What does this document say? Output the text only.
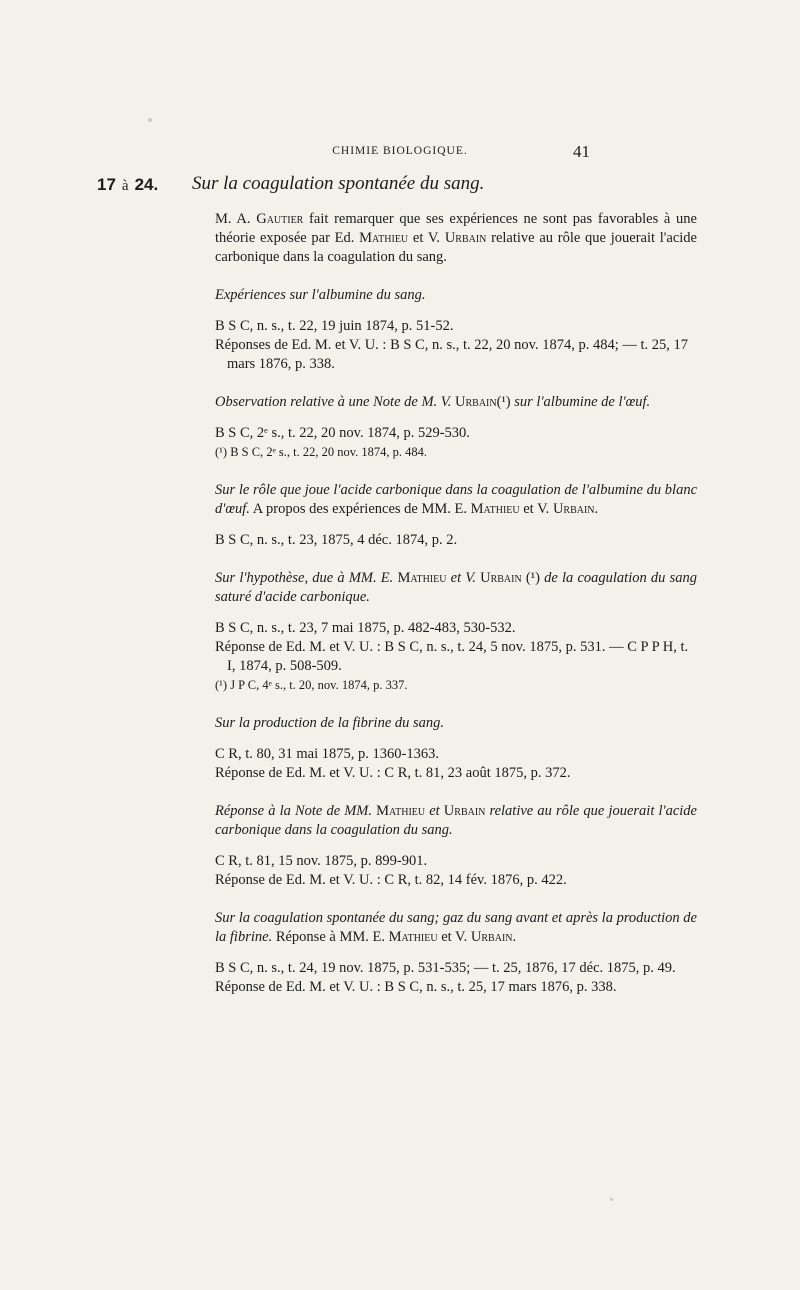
CHIMIE BIOLOGIQUE.	41
17 à 24. Sur la coagulation spontanée du sang.

M. A. Gautier fait remarquer que ses expériences ne sont pas favorables à une théorie exposée par Ed. Mathieu et V. Urbain relative au rôle que jouerait l'acide carbonique dans la coagulation du sang.

Expériences sur l'albumine du sang.

B S C, n. s., t. 22, 19 juin 1874, p. 51-52.

Réponses de Ed. M. et V. U. : B S C, n. s., t. 22, 20 nov. 1874, p. 484; — t. 25, 17 mars 1876, p. 338.

Observation relative à une Note de M. V. Urbain(¹) sur l'albumine de l'œuf.

B S C, 2ᵉ s., t. 22, 20 nov. 1874, p. 529-530.

(¹) B S C, 2ᵉ s., t. 22, 20 nov. 1874, p. 484.

Sur le rôle que joue l'acide carbonique dans la coagulation de l'albumine du blanc d'œuf. A propos des expériences de MM. E. Mathieu et V. Urbain.

B S C, n. s., t. 23, 1875, 4 déc. 1874, p. 2.

Sur l'hypothèse, due à MM. E. Mathieu et V. Urbain (¹) de la coagulation du sang saturé d'acide carbonique.

B S C, n. s., t. 23, 7 mai 1875, p. 482-483, 530-532.

Réponse de Ed. M. et V. U. : B S C, n. s., t. 24, 5 nov. 1875, p. 531. — C P P H, t. I, 1874, p. 508-509.

(¹) J P C, 4ᵉ s., t. 20, nov. 1874, p. 337.

Sur la production de la fibrine du sang.

C R, t. 80, 31 mai 1875, p. 1360-1363.

Réponse de Ed. M. et V. U. : C R, t. 81, 23 août 1875, p. 372.

Réponse à la Note de MM. Mathieu et Urbain relative au rôle que jouerait l'acide carbonique dans la coagulation du sang.

C R, t. 81, 15 nov. 1875, p. 899-901.

Réponse de Ed. M. et V. U. : C R, t. 82, 14 fév. 1876, p. 422.

Sur la coagulation spontanée du sang; gaz du sang avant et après la production de la fibrine. Réponse à MM. E. Mathieu et V. Urbain.

B S C, n. s., t. 24, 19 nov. 1875, p. 531-535; — t. 25, 1876, 17 déc. 1875, p. 49.

Réponse de Ed. M. et V. U. : B S C, n. s., t. 25, 17 mars 1876, p. 338.
